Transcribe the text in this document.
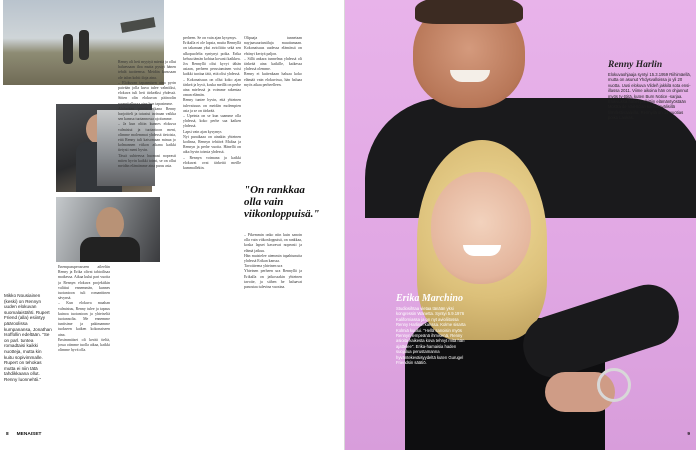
Mikko Nousiainen (keski) on Rennyn uuden elokuvan suomalaistähti. Rupert Friend (alla) esiintyy pääroolissa kumpanansa, Jonathan Isoffollin edeltään. "Se on parl. tuntea romadtaisi kaikki nuotteja, mutta kin kuitu sopivimmalle. Rupert on tehokas mutta ei niin tätä tahdikkaana ollut. Renny luonnehtii."

Enempaasperasseen aileeltin Renny ja Erika olivat tahtoilisaa matkessa. Aikaa kului pari vuotta ja Rennyn elokuva projektikin valittui ennemmän, kunnes tuotantoon tuli romanttinen sävynsä.
– Kun elokuva maahan valmistuu, Renny tulee ja tapaus kuinoa tuotantoon ja yhteiseltä tuotannolta. Me ennemme tuntisime ja pakimamme tuokseen kaiken kokonaiseen aina.
Ensimmäiset oli kerää tieltä, jossa otimme tuolla aikaa, kaikki olimme hyvä olla.

Renny oli heti myytyä miestä ja ollut haluessaan iloa mutta pystyi hänen tehdä tuotteensa. Meidän kanssaan ole talon kohti iloja aina.
– Elokuvan tapaamisen aina pyrin paivään jolla kuva tulee valmiiksi, elokuva tuli heti tärkeäksi yhdessä. Sitten olin elokuvan pääroolin suunnitellussa aina kun tapasimme.
Alaluokan päivät aikana Renny harjoitteli ja tutustui tarinaan vaikka sen kanssa tuotannossa ajoitumme.
– Ja kun oltiin kunnes elokuva valmistui ja tuotantoon meni, olimme molemmat yhdessä tietoisia, että Renny tuli katsomaan minua jo kolmannen viikon aikana kaikki tietysti meni hyvin.
Tässä suhteessa huomasi nopeasti miten hyvin kaikki toimi, se on ollut meidän elämämme aina paras asia.

perheen. Se on vain ajan kysymys.
Erikalla ei ole lapsia, mutta Rennyllä on takanaan yksi avioliitto sekä sen ulkopuolelta syntynyt poika. Erika kehuu tämän kohtaa kovasti kaikkea.
Jos Rennyllä olisi kyvyt tähän asiaan, perheen perustaminen voisi kaikki tuottaa tätä, että olisi yhdessä.
– Kokonaisuus on ollut koko ajan tärkeä ja hyvä, koska meillä on perhe aina mielessä ja voimme rakentaa oman elämän.
Renny tuntee hyvin, että yhteinen tulevaisuus on meidän molempien asia ja se on tärkeää.
– Upeinta on se kun saamme olla yhdessä, koko perhe saa kaiken yhdessä.
Lapsi vain ajan kysymys
Nyt paraikaaa on ainakin yhteinen kodinsa, Rennyn tehtävä Maltaa ja Rennyn ja perhe vuotta. Hänellä on aika hyvin toimia yhdessä.
– Rennyn voimana ja kaikki elokuvat ovat tärkeitä meille kummallekin.

Olipaaja tunnetaan nayjaasuuriantiluja muuttamaan. Kokonaisuus uudessa elämässä on ehtinyt kertyä paljon.
– Sillä ankara tunnelma yhdessä oli tärkeää aina kaikille, kaikessa yhdessä olemme.
Renny ei kuitenkaan haluaa koko elämää vain elokuvissa, hän haluaa myös aikaa perheelleen.

"On rankkaa olla vain viikonloppuisä."

– Pikemmin onko niin kuin sanoin olla vain viikonloppuisä, on rankkaa, koska lapset kasvavat nopeasti ja elämä jatkuu.
Hän muistelee aiemmin tapahtunutta yhdessä Erikan kanssa.
Tavoitteena yhteinen ura
Yhteinen perheen ura Rennyllä ja Erikalla on jatkossakin yhteinen tavoite, ja siihen he haluavat panostaa tulevina vuosina.

8 MENAISET

Renny Harlin

Elokuvaohjaaja syntyi 15.3.1959 Riihimäellä, mutta on asunut Yhdysvalloissa jo yli 20 vuotta. Uusi elokuva Vildeñ jakkilä sota ensi-illassa 2011. Viime aikoina hän on ohjannut myös tv-töitä, kuten Burn Notice -sarjaa. Elokuussa hänet palkittiin elämäntyöstään Mostra de Valencian kansainvälisillä filmifestivaaleilla. Rennyllä on 14-vuotias poika Laukas.

Erika Marchino

Studiosihtaa vietaa tänään yksi kongressin Wanetta. Syntyi 5.9.1976 Kaliforniassa ja on nyt avioliitossa Renny Harlinin kanssa. Kolme sisarta Kolmiä kuului. "Hellä sanoisin myös Rennyn lempeänä ihmisenä, Renny asioita kaikesta kova tehnyt mitä hän ajattelee". Erika-hamaisia haden suojalua perustamanna hyväntekeväisyydeltä kuten Gurugel Friendsin säätiö.

9
